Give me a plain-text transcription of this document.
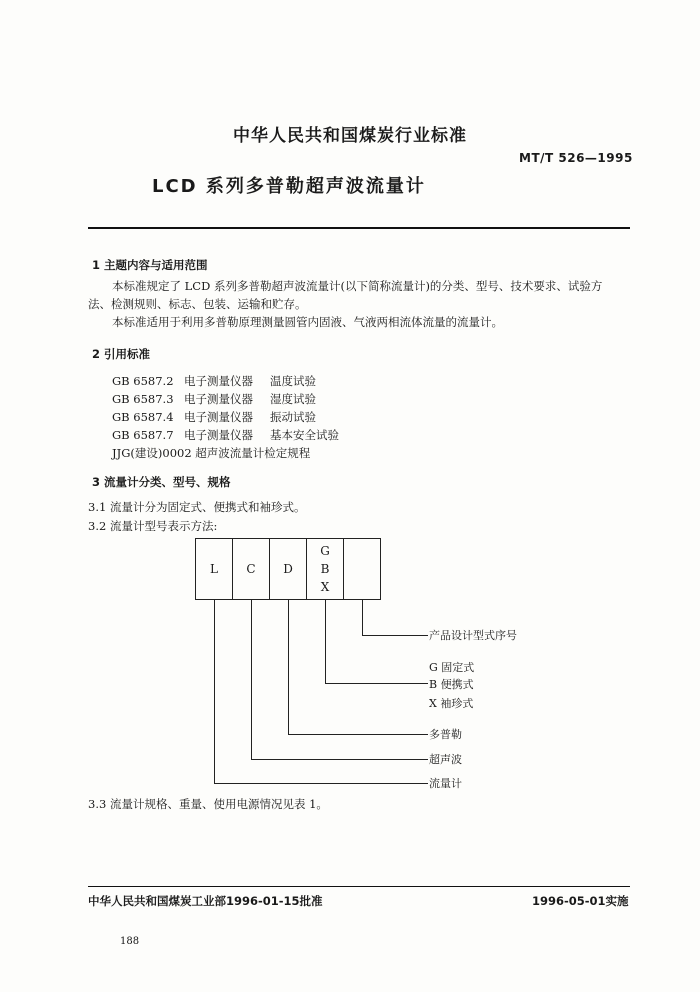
中华人民共和国煤炭行业标准
MT/T 526—1995
LCD 系列多普勒超声波流量计
1 主题内容与适用范围
本标准规定了 LCD 系列多普勒超声波流量计(以下简称流量计)的分类、型号、技术要求、试验方
法、检测规则、标志、包装、运输和贮存。
本标准适用于利用多普勒原理测量圆管内固液、气液两相流体流量的流量计。
2 引用标准
GB 6587.2 电子测量仪器 温度试验
GB 6587.3 电子测量仪器 湿度试验
GB 6587.4 电子测量仪器 振动试验
GB 6587.7 电子测量仪器 基本安全试验
JJG(建设)0002 超声波流量计检定规程
3 流量计分类、型号、规格
3.1 流量计分为固定式、便携式和袖珍式。
3.2 流量计型号表示方法:
L C D
G
B
X
产品设计型式序号
G 固定式
B 便携式
X 袖珍式
多普勒
超声波
流量计
3.3 流量计规格、重量、使用电源情况见表 1。
中华人民共和国煤炭工业部1996-01-15批准	1996-05-01实施
188
